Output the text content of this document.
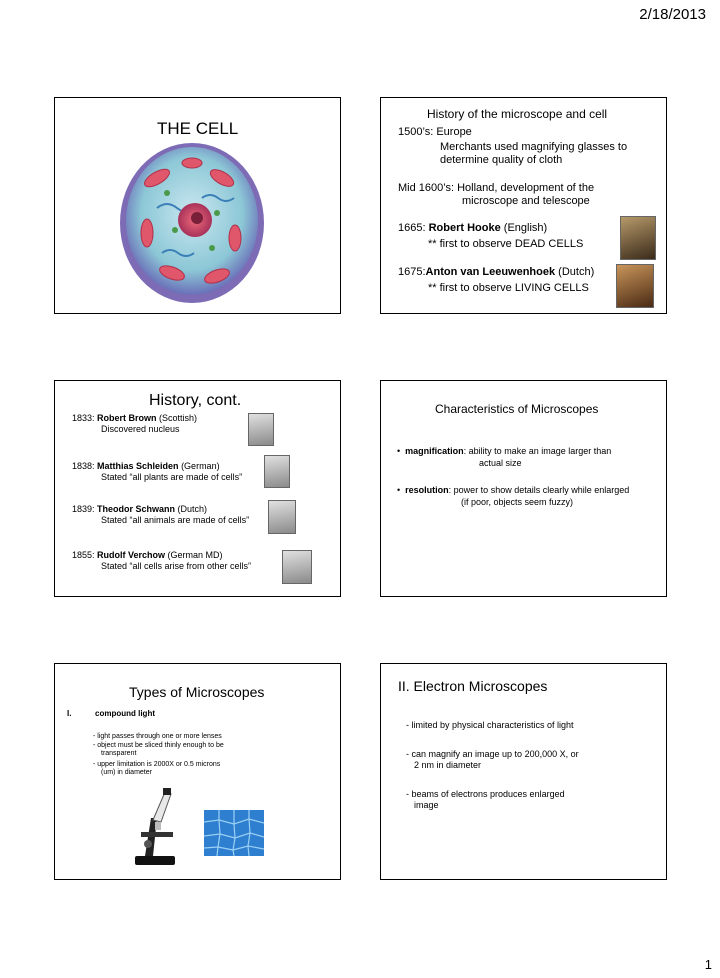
2/18/2013
THE CELL
History of the microscope and cell
1500’s: Europe
Merchants used magnifying glasses to
determine quality of cloth
Mid 1600’s: Holland, development of the
microscope and telescope
1665: Robert Hooke (English)
** first to observe DEAD CELLS
1675:Anton van Leeuwenhoek (Dutch)
** first to observe LIVING CELLS
History, cont.
1833: Robert Brown (Scottish)
Discovered nucleus
1838: Matthias Schleiden (German)
Stated “all plants are made of cells”
1839: Theodor Schwann (Dutch)
Stated “all animals are made of cells”
1855: Rudolf Verchow (German MD)
Stated “all cells arise from other cells”
Characteristics of Microscopes
•  magnification: ability to make an image larger than
actual size
•  resolution: power to show details clearly while enlarged
(if poor, objects seem fuzzy)
Types of Microscopes
I.	compound light
- light passes through one or more lenses
- object must be sliced thinly enough to be
transparent
- upper limitation is 2000X or 0.5 microns
(um) in diameter
II. Electron Microscopes
- limited by physical characteristics of light
- can magnify an image up to 200,000 X, or
2 nm in diameter
- beams of electrons produces enlarged
image
1
